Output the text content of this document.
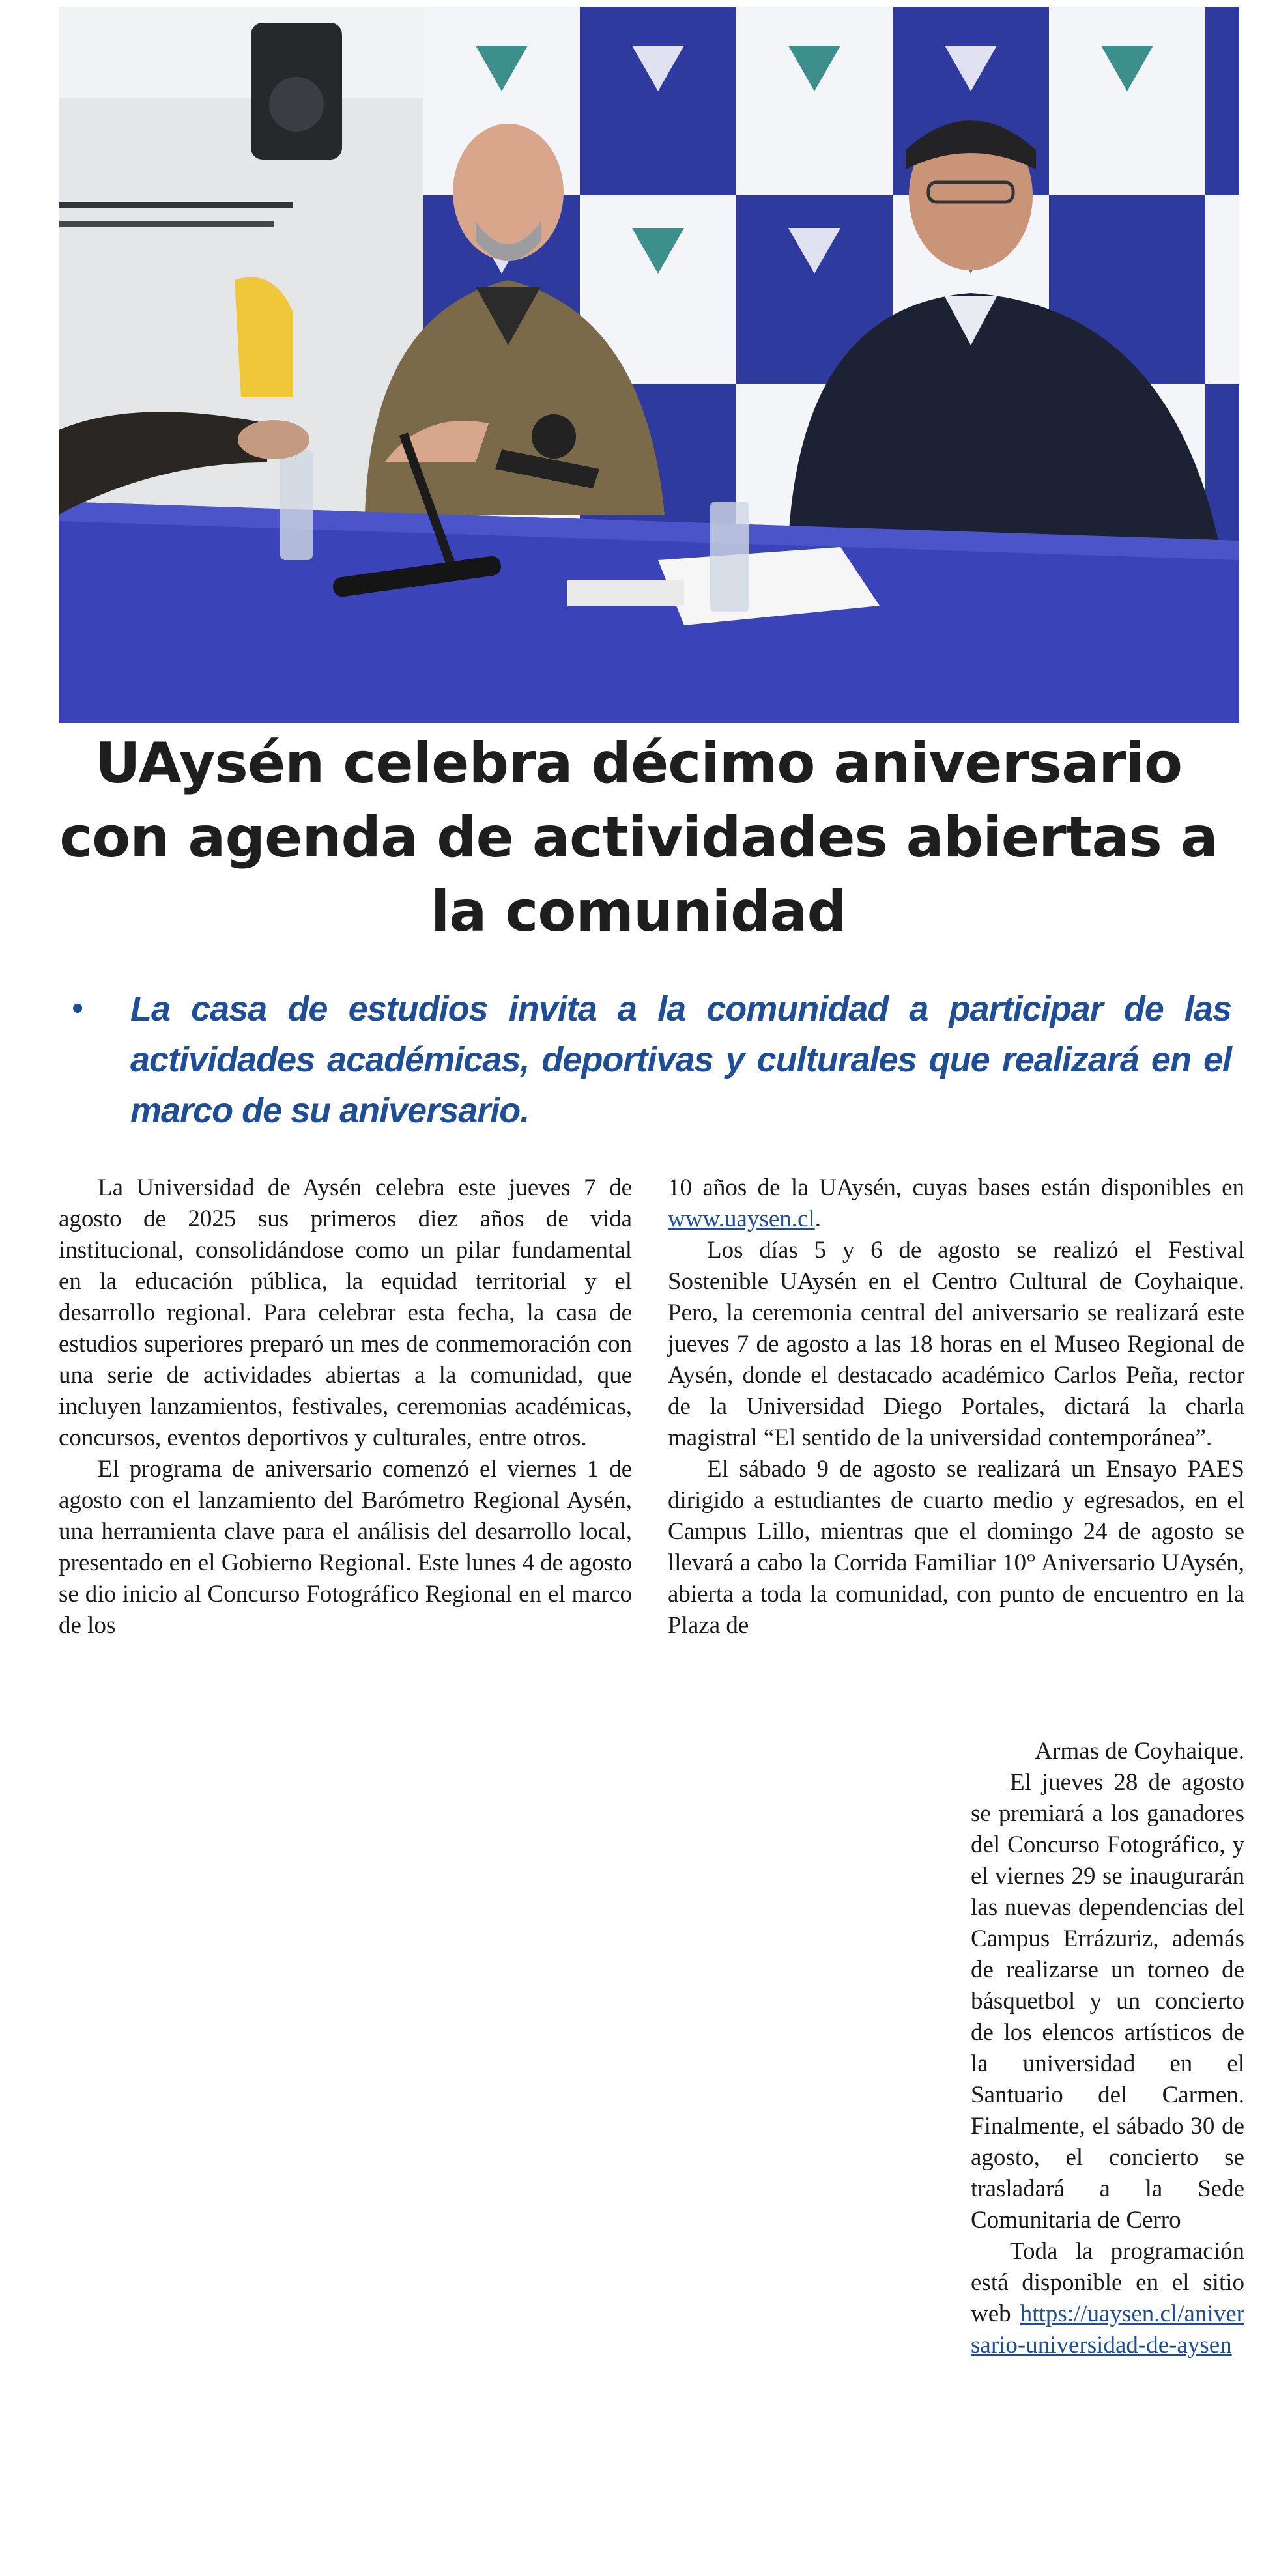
UAysén celebra décimo aniversario con agenda de actividades abiertas a la comunidad
•	La casa de estudios invita a la comunidad a participar de las actividades académicas, deportivas y culturales que realizará en el marco de su aniversario.

La Universidad de Aysén celebra este jueves 7 de agosto de 2025 sus primeros diez años de vida institucional, consolidándose como un pilar fundamental en la educación pública, la equidad territorial y el desarrollo regional. Para celebrar esta fecha, la casa de estudios superiores preparó un mes de conmemoración con una serie de actividades abiertas a la comunidad, que incluyen lanzamientos, festivales, ceremonias académicas, concursos, eventos deportivos y culturales, entre otros.

El programa de aniversario comenzó el viernes 1 de agosto con el lanzamiento del Barómetro Regional Aysén, una herramienta clave para el análisis del desarrollo local, presentado en el Gobierno Regional. Este lunes 4 de agosto se dio inicio al Concurso Fotográfico Regional en el marco de los

10 años de la UAysén, cuyas bases están disponibles en www.uaysen.cl.

Los días 5 y 6 de agosto se realizó el Festival Sostenible UAysén en el Centro Cultural de Coyhaique. Pero, la ceremonia central del aniversario se realizará este jueves 7 de agosto a las 18 horas en el Museo Regional de Aysén, donde el destacado académico Carlos Peña, rector de la Universidad Diego Portales, dictará la charla magistral “El sentido de la universidad contemporánea”.

El sábado 9 de agosto se realizará un Ensayo PAES dirigido a estudiantes de cuarto medio y egresados, en el Campus Lillo, mientras que el domingo 24 de agosto se llevará a cabo la Corrida Familiar 10° Aniversario UAysén, abierta a toda la comunidad, con punto de encuentro en la Plaza de

Armas de Coyhaique.

El jueves 28 de agosto se premiará a los ganadores del Concurso Fotográfico, y el viernes 29 se inaugurarán las nuevas dependencias del Campus Errázuriz, además de realizarse un torneo de básquetbol y un concierto de los elencos artísticos de la universidad en el Santuario del Carmen. Finalmente, el sábado 30 de agosto, el concierto se trasladará a la Sede Comunitaria de Cerro

Toda la programación está disponible en el sitio web https://uaysen.cl/aniversario-universidad-de-aysen
